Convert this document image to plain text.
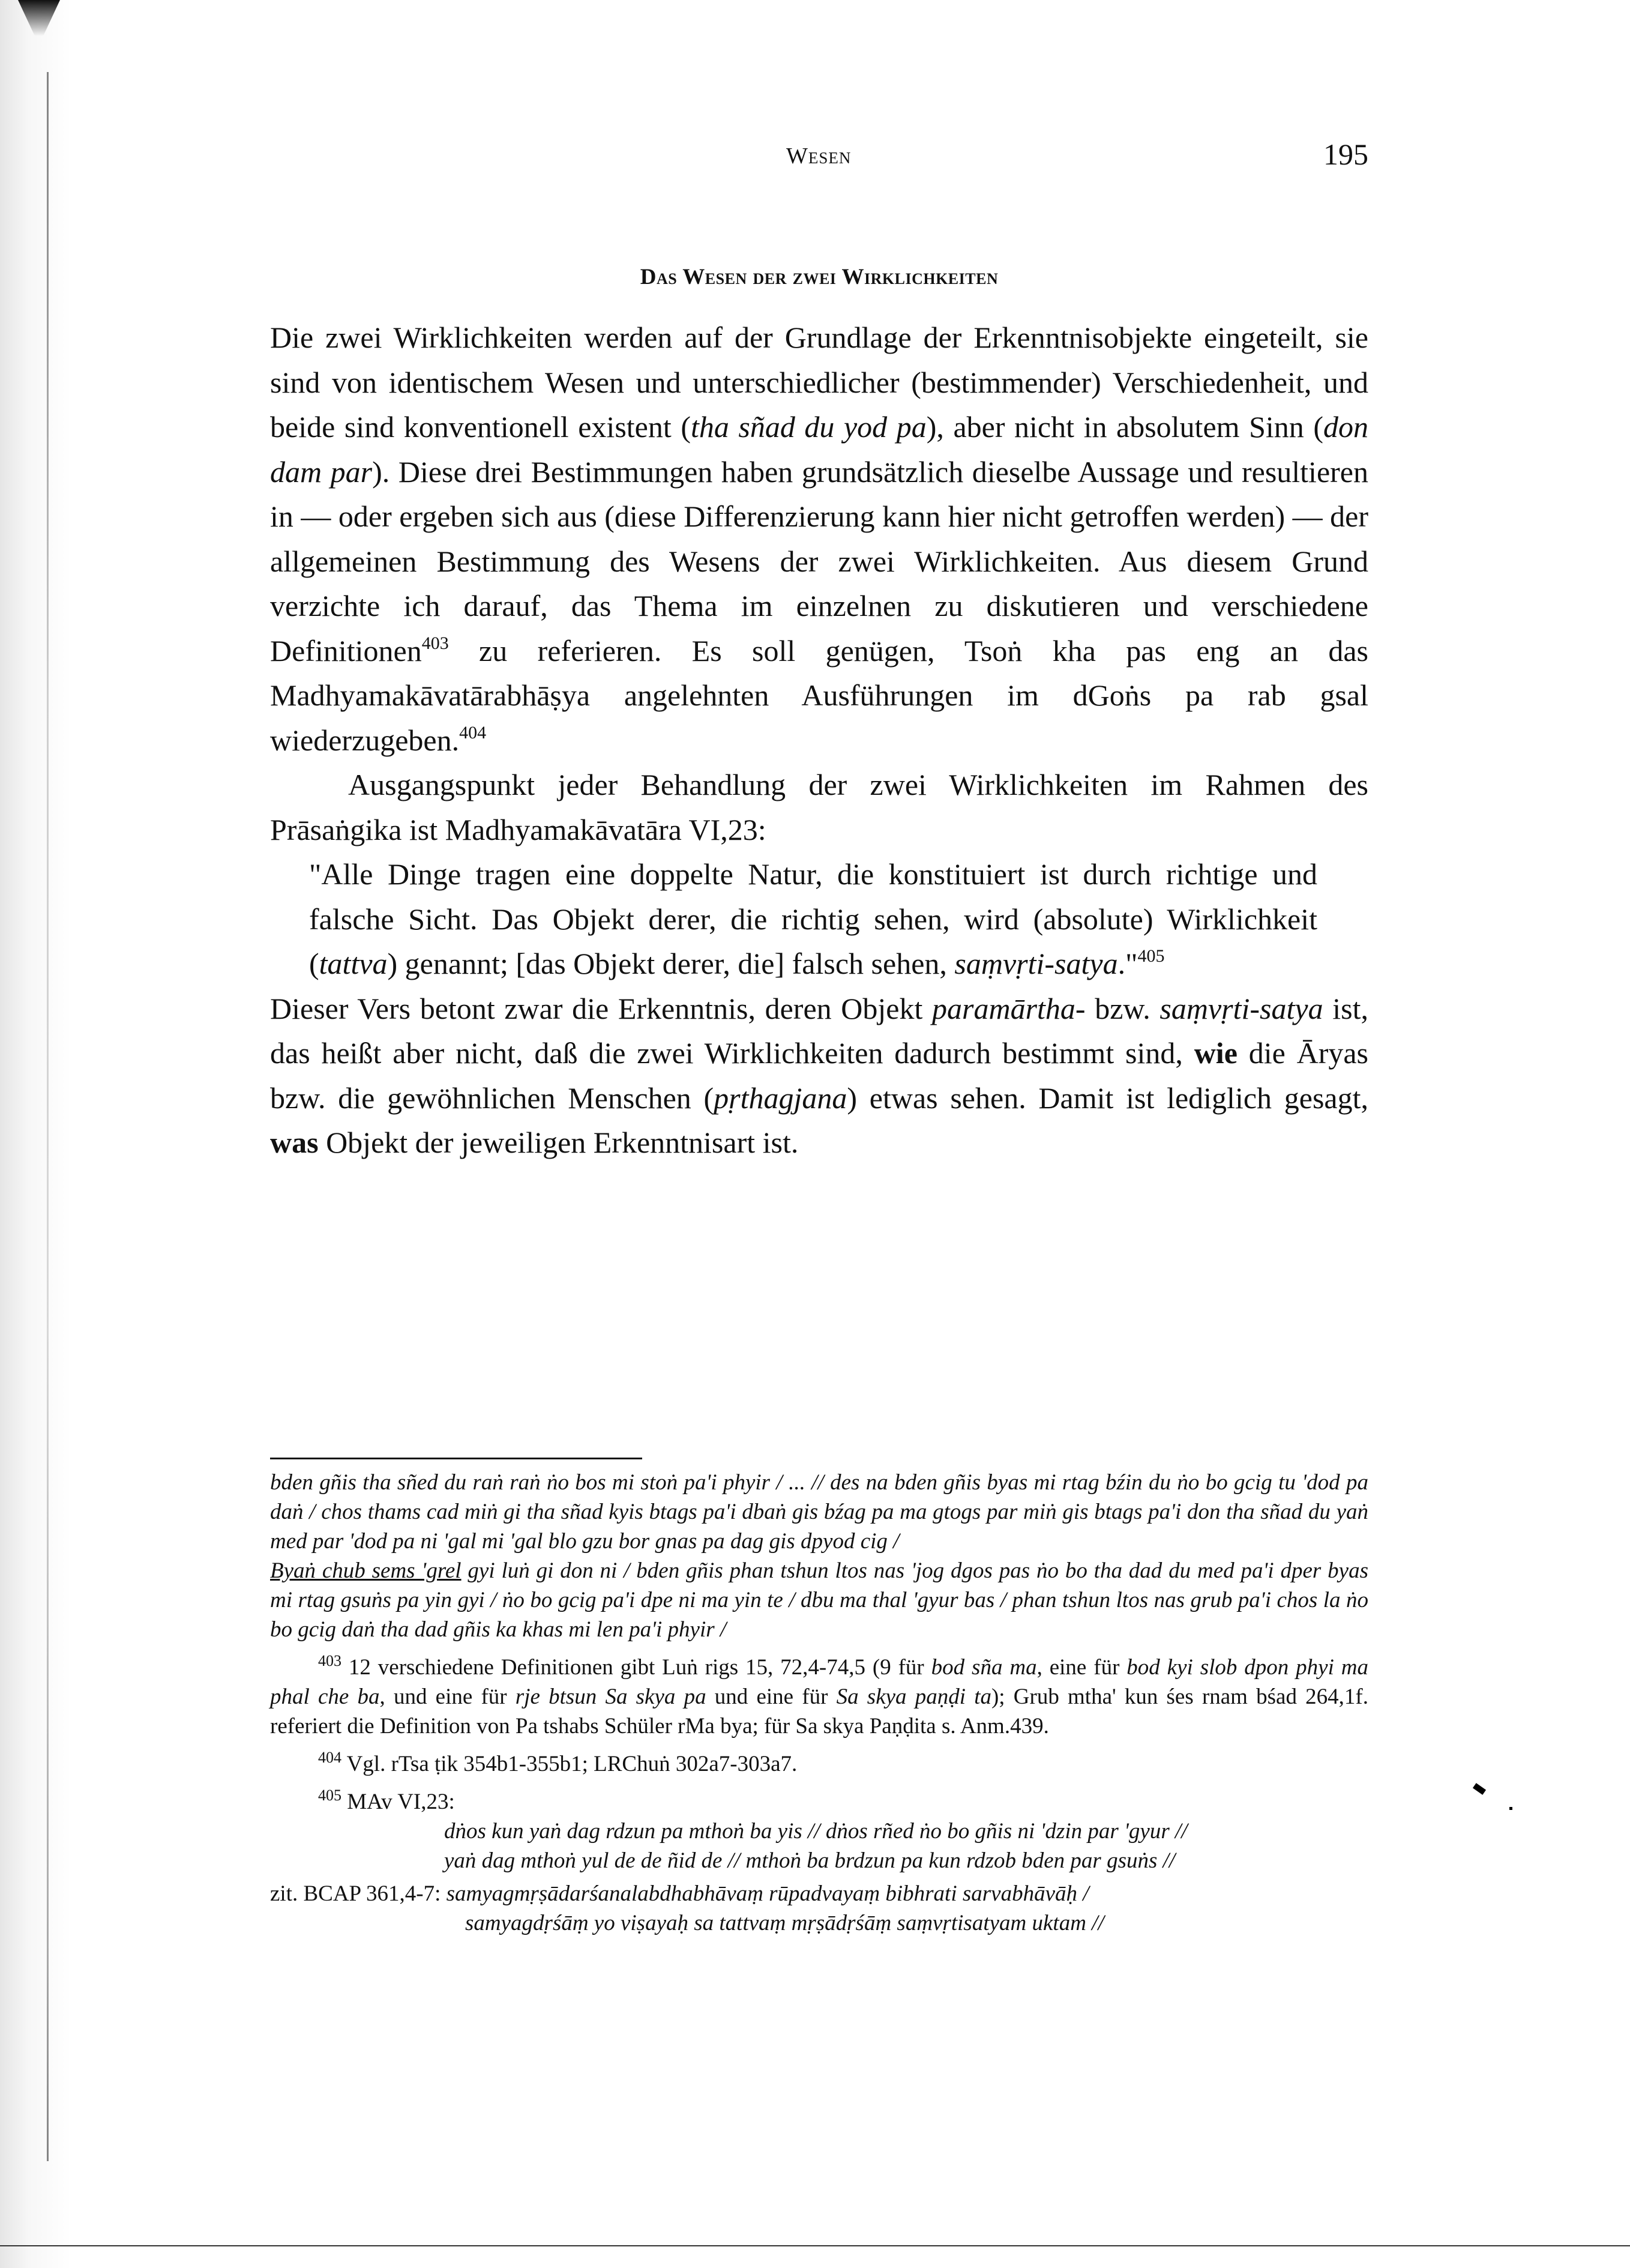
Wesen	195
Das Wesen der zwei Wirklichkeiten

Die zwei Wirklichkeiten werden auf der Grundlage der Erkenntnisobjekte eingeteilt, sie sind von identischem Wesen und unterschiedlicher (bestimmender) Verschiedenheit, und beide sind konventionell existent (tha sñad du yod pa), aber nicht in absolutem Sinn (don dam par). Diese drei Bestimmungen haben grundsätzlich dieselbe Aussage und resultieren in — oder ergeben sich aus (diese Differenzierung kann hier nicht getroffen werden) — der allgemeinen Bestimmung des Wesens der zwei Wirklichkeiten. Aus diesem Grund verzichte ich darauf, das Thema im einzelnen zu diskutieren und verschiedene Definitionen$^{403}$ zu referieren. Es soll genügen, Tsoṅ kha pas eng an das Madhyamakāvatārabhāṣya angelehnten Ausführungen im dGoṅs pa rab gsal wiederzugeben.$^{404}$

Ausgangspunkt jeder Behandlung der zwei Wirklichkeiten im Rahmen des Prāsaṅgika ist Madhyamakāvatāra VI,23:

"Alle Dinge tragen eine doppelte Natur, die konstituiert ist durch richtige und falsche Sicht. Das Objekt derer, die richtig sehen, wird (absolute) Wirklichkeit (tattva) genannt; [das Objekt derer, die] falsch sehen, saṃvṛti-satya."$^{405}$

Dieser Vers betont zwar die Erkenntnis, deren Objekt paramārtha- bzw. saṃvṛti-satya ist, das heißt aber nicht, daß die zwei Wirklichkeiten dadurch bestimmt sind, wie die Āryas bzw. die gewöhnlichen Menschen (pṛthagjana) etwas sehen. Damit ist lediglich gesagt, was Objekt der jeweiligen Erkenntnisart ist.

bden gñis tha sñed du raṅ raṅ ṅo bos mi stoṅ pa'i phyir / ... // des na bden gñis byas mi rtag bźin du ṅo bo gcig tu 'dod pa daṅ / chos thams cad miṅ gi tha sñad kyis btags pa'i dbaṅ gis bźag pa ma gtogs par miṅ gis btags pa'i don tha sñad du yaṅ med par 'dod pa ni 'gal mi 'gal blo gzu bor gnas pa dag gis dpyod cig /

Byaṅ chub sems 'grel gyi luṅ gi don ni / bden gñis phan tshun ltos nas 'jog dgos pas ṅo bo tha dad du med pa'i dper byas mi rtag gsuṅs pa yin gyi / ṅo bo gcig pa'i dpe ni ma yin te / dbu ma thal 'gyur bas / phan tshun ltos nas grub pa'i chos la ṅo bo gcig daṅ tha dad gñis ka khas mi len pa'i phyir /

$^{403}$ 12 verschiedene Definitionen gibt Luṅ rigs 15, 72,4-74,5 (9 für bod sña ma, eine für bod kyi slob dpon phyi ma phal che ba, und eine für rje btsun Sa skya pa und eine für Sa skya paṇḍi ta); Grub mtha' kun śes rnam bśad 264,1f. referiert die Definition von Pa tshabs Schüler rMa bya; für Sa skya Paṇḍita s. Anm.439.

$^{404}$ Vgl. rTsa ṭik 354b1-355b1; LRChuṅ 302a7-303a7.

$^{405}$ MAv VI,23:

dṅos kun yaṅ dag rdzun pa mthoṅ ba yis // dṅos rñed ṅo bo gñis ni 'dzin par 'gyur //

yaṅ dag mthoṅ yul de de ñid de // mthoṅ ba brdzun pa kun rdzob bden par gsuṅs //

zit. BCAP 361,4-7: samyagmṛṣādarśanalabdhabhāvaṃ rūpadvayaṃ bibhrati sarvabhāvāḥ /

samyagdṛśāṃ yo viṣayaḥ sa tattvaṃ mṛṣādṛśāṃ saṃvṛtisatyam uktam //
